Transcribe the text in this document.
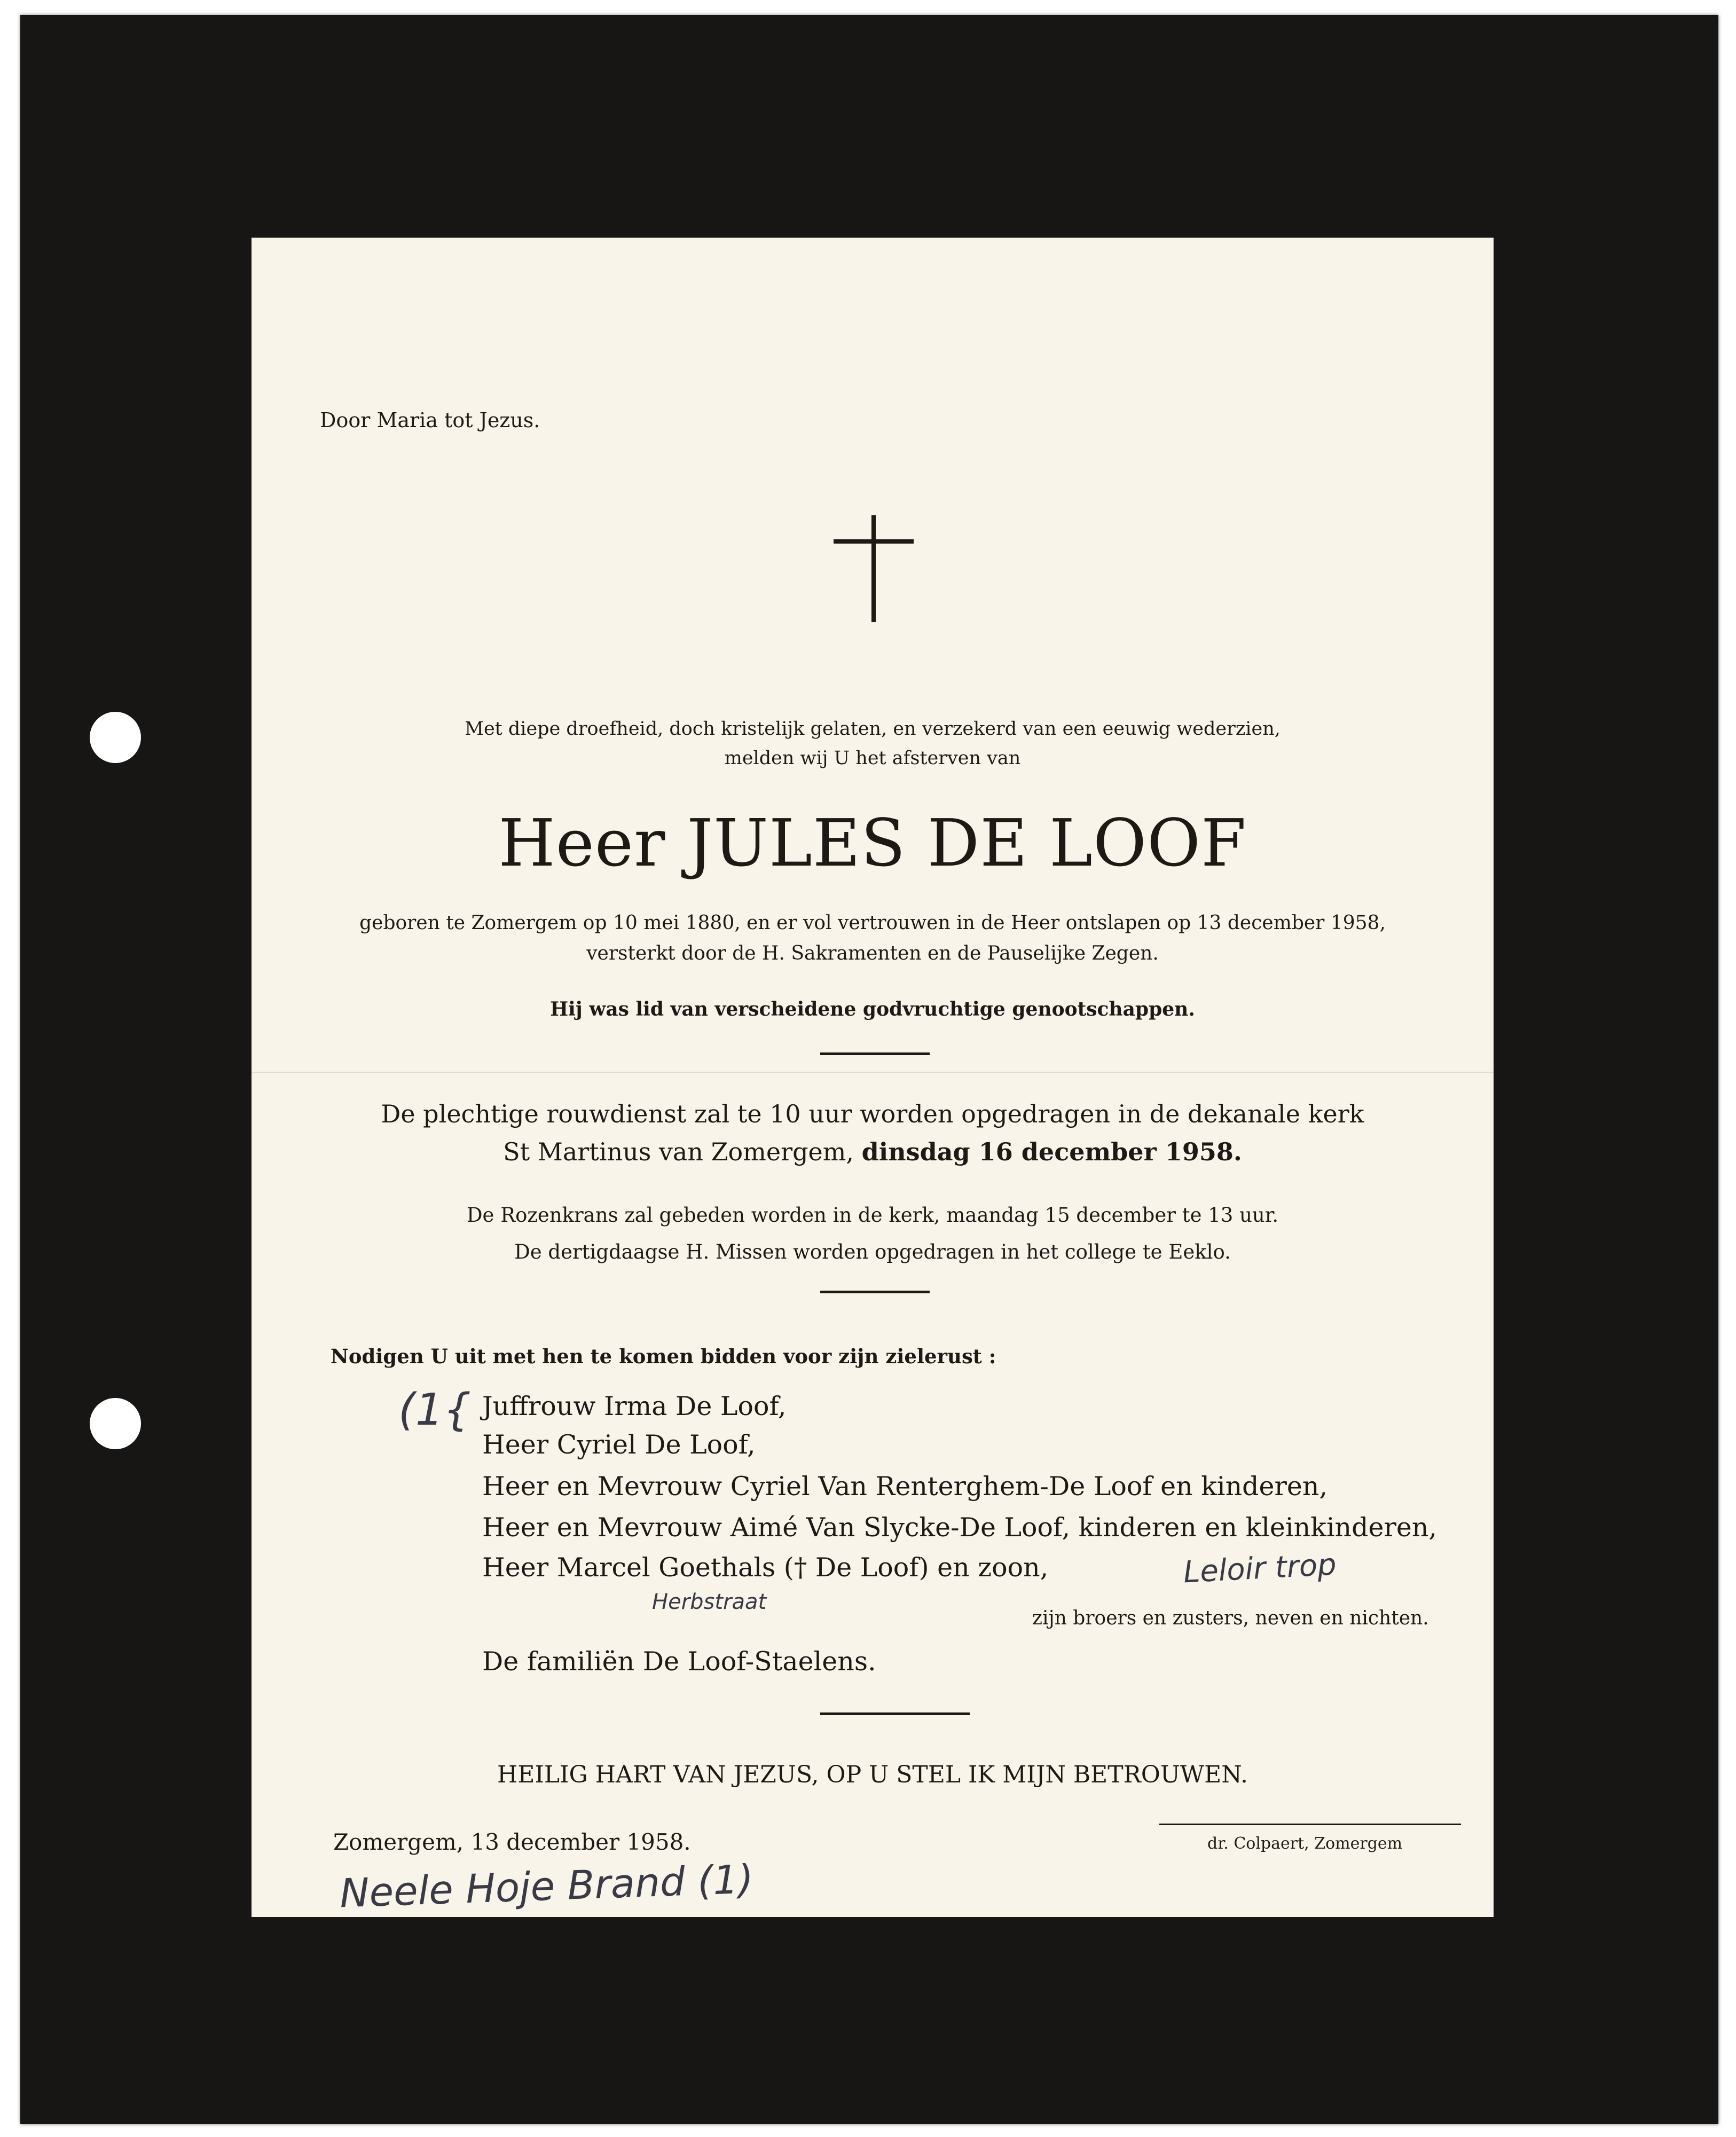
Door Maria tot Jezus.
Met diepe droefheid, doch kristelijk gelaten, en verzekerd van een eeuwig wederzien,
melden wij U het afsterven van
Heer JULES DE LOOF
geboren te Zomergem op 10 mei 1880, en er vol vertrouwen in de Heer ontslapen op 13 december 1958,
versterkt door de H. Sakramenten en de Pauselijke Zegen.
Hij was lid van verscheidene godvruchtige genootschappen.
De plechtige rouwdienst zal te 10 uur worden opgedragen in de dekanale kerk
St Martinus van Zomergem, dinsdag 16 december 1958.
De Rozenkrans zal gebeden worden in de kerk, maandag 15 december te 13 uur.
De dertigdaagse H. Missen worden opgedragen in het college te Eeklo.
Nodigen U uit met hen te komen bidden voor zijn zielerust :
Juffrouw Irma De Loof,
Heer Cyriel De Loof,
Heer en Mevrouw Cyriel Van Renterghem-De Loof en kinderen,
Heer en Mevrouw Aimé Van Slycke-De Loof, kinderen en kleinkinderen,
Heer Marcel Goethals († De Loof) en zoon,
zijn broers en zusters, neven en nichten.
De familiën De Loof-Staelens.
HEILIG HART VAN JEZUS, OP U STEL IK MIJN BETROUWEN.
Zomergem, 13 december 1958.	dr. Colpaert, Zomergem
(1{
Leloir trop
Herbstraat
Neele Hoje Brand (1)
